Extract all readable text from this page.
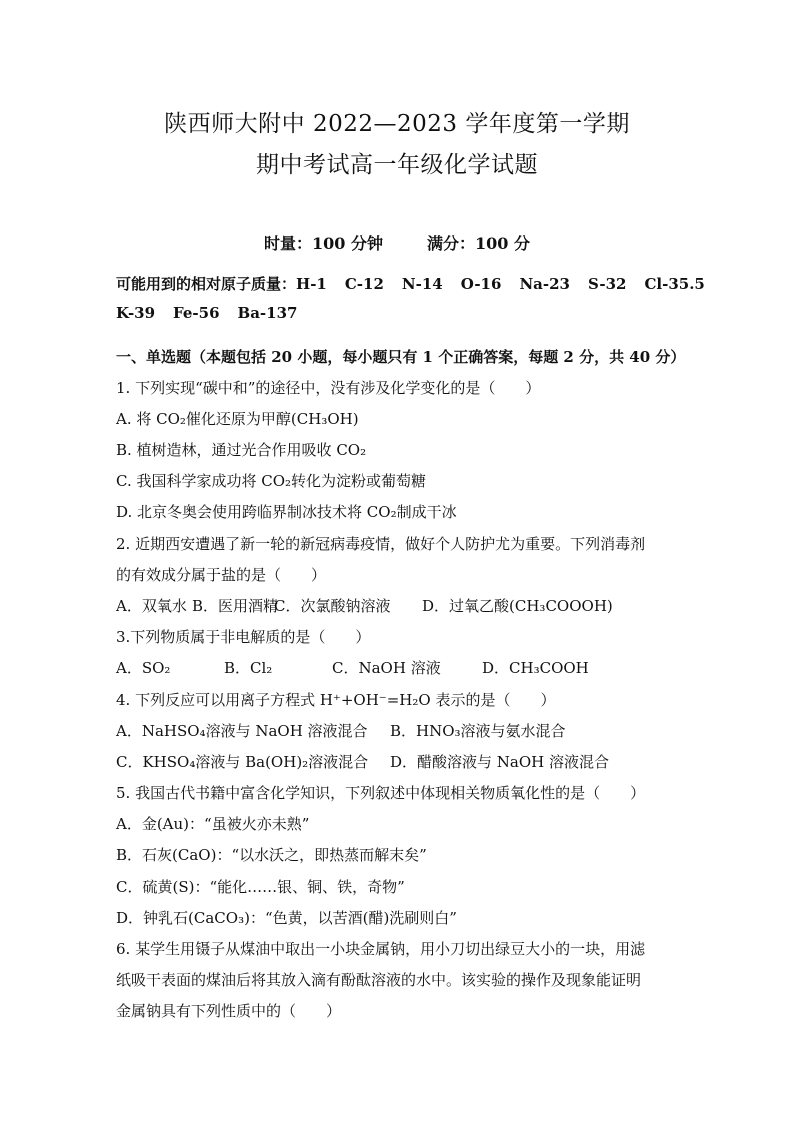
陕西师大附中 2022—2023 学年度第一学期
期中考试高一年级化学试题
时量：100 分钟	满分：100 分
可能用到的相对原子质量：H-1 C-12 N-14 O-16 Na-23 S-32 Cl-35.5
K-39 Fe-56 Ba-137
一、单选题（本题包括 20 小题，每小题只有 1 个正确答案，每题 2 分，共 40 分）
1. 下列实现“碳中和”的途径中，没有涉及化学变化的是（　　）
A. 将 CO₂催化还原为甲醇(CH₃OH)
B. 植树造林，通过光合作用吸收 CO₂
C. 我国科学家成功将 CO₂转化为淀粉或葡萄糖
D. 北京冬奥会使用跨临界制冰技术将 CO₂制成干冰
2. 近期西安遭遇了新一轮的新冠病毒疫情，做好个人防护尤为重要。下列消毒剂
的有效成分属于盐的是（　　）
A．双氧水 B．医用酒精C．次氯酸钠溶液 D．过氧乙酸(CH₃COOOH)
3.下列物质属于非电解质的是（　　）
A．SO₂	B．Cl₂	C．NaOH 溶液	D．CH₃COOH
4. 下列反应可以用离子方程式 H⁺+OH⁻=H₂O 表示的是（　　）
A．NaHSO₄溶液与 NaOH 溶液混合 B．HNO₃溶液与氨水混合
C．KHSO₄溶液与 Ba(OH)₂溶液混合 D．醋酸溶液与 NaOH 溶液混合
5. 我国古代书籍中富含化学知识，下列叙述中体现相关物质氧化性的是（　　）
A．金(Au)：“虽被火亦未熟”
B．石灰(CaO)：“以水沃之，即热蒸而解末矣”
C．硫黄(S)：“能化……银、铜、铁，奇物”
D．钟乳石(CaCO₃)：“色黄，以苦酒(醋)洗刷则白”
6. 某学生用镊子从煤油中取出一小块金属钠，用小刀切出绿豆大小的一块，用滤
纸吸干表面的煤油后将其放入滴有酚酞溶液的水中。该实验的操作及现象能证明
金属钠具有下列性质中的（　　）
